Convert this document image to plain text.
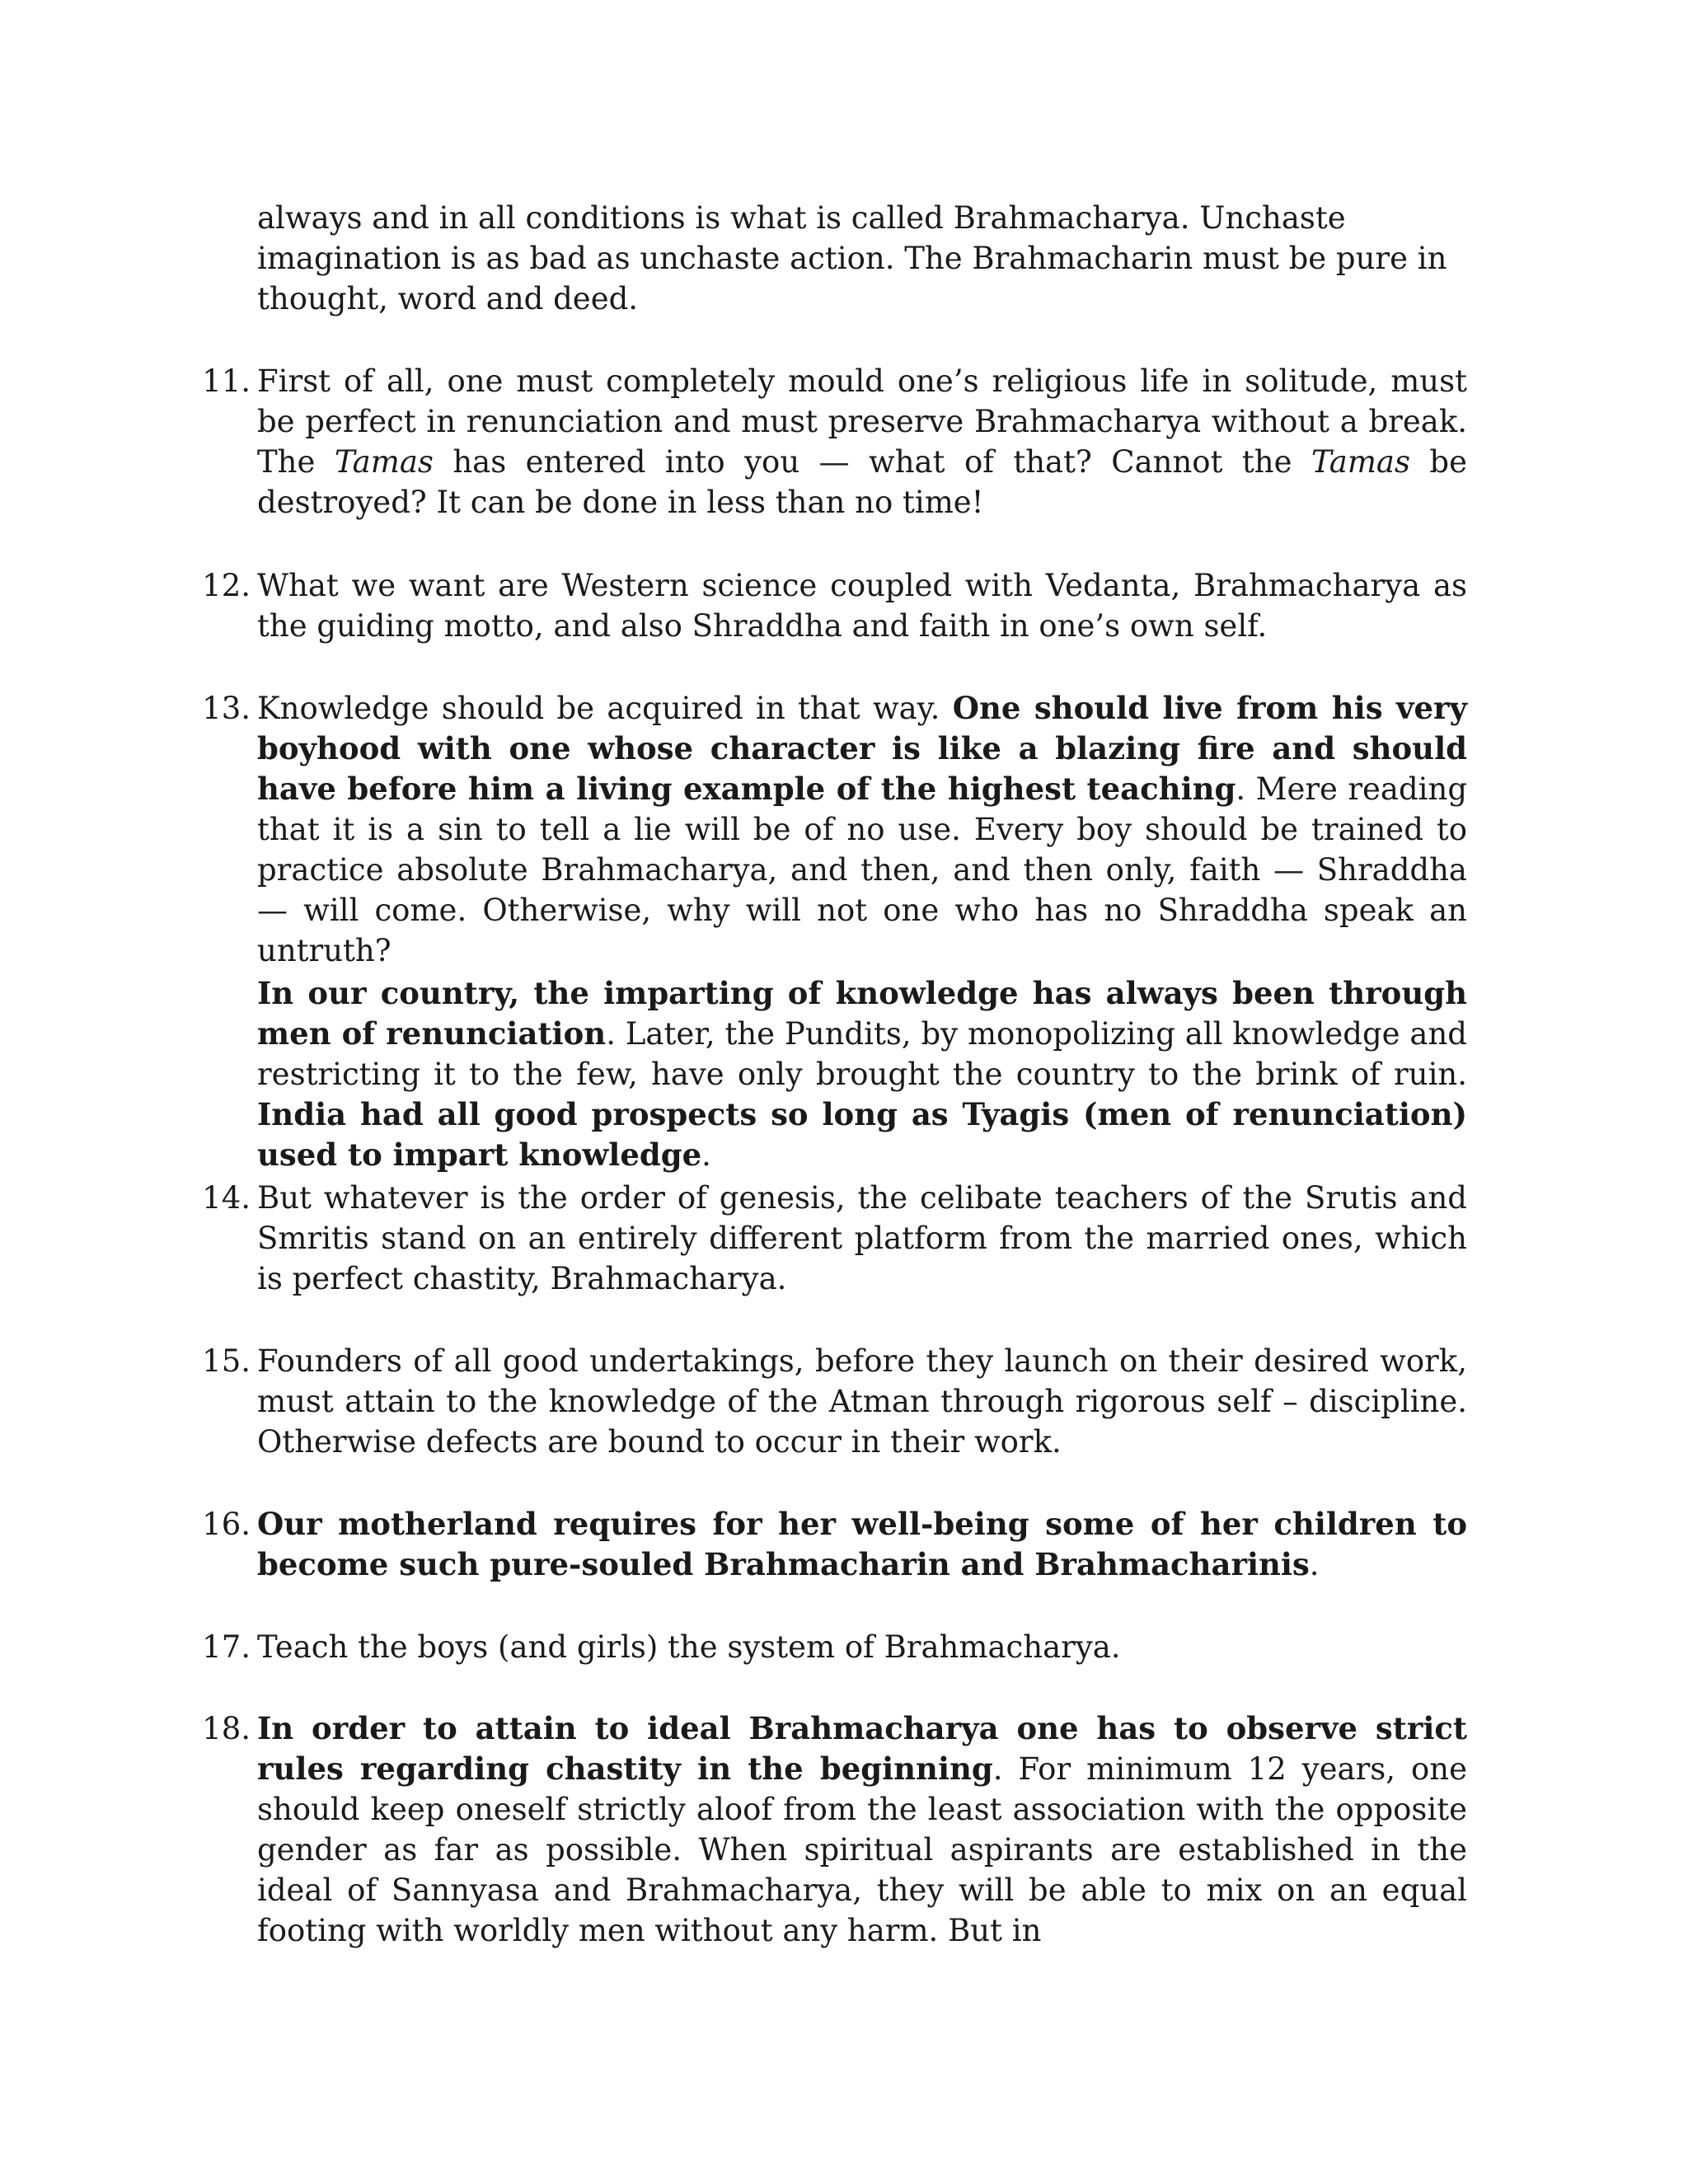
always and in all conditions is what is called Brahmacharya. Unchaste imagination is as bad as unchaste action. The Brahmacharin must be pure in thought, word and deed.

11. First of all, one must completely mould one’s religious life in solitude, must be perfect in renunciation and must preserve Brahmacharya without a break. The Tamas has entered into you — what of that? Cannot the Tamas be destroyed? It can be done in less than no time!
12. What we want are Western science coupled with Vedanta, Brahmacharya as the guiding motto, and also Shraddha and faith in one’s own self.
13. Knowledge should be acquired in that way. One should live from his very boyhood with one whose character is like a blazing fire and should have before him a living example of the highest teaching. Mere reading that it is a sin to tell a lie will be of no use. Every boy should be trained to practice absolute Brahmacharya, and then, and then only, faith — Shraddha — will come. Otherwise, why will not one who has no Shraddha speak an untruth?

In our country, the imparting of knowledge has always been through men of renunciation. Later, the Pundits, by monopolizing all knowledge and restricting it to the few, have only brought the country to the brink of ruin. India had all good prospects so long as Tyagis (men of renunciation) used to impart knowledge.

14. But whatever is the order of genesis, the celibate teachers of the Srutis and Smritis stand on an entirely different platform from the married ones, which is perfect chastity, Brahmacharya.
15. Founders of all good undertakings, before they launch on their desired work, must attain to the knowledge of the Atman through rigorous self – discipline. Otherwise defects are bound to occur in their work.
16. Our motherland requires for her well-being some of her children to become such pure-souled Brahmacharin and Brahmacharinis.
17. Teach the boys (and girls) the system of Brahmacharya.
18. In order to attain to ideal Brahmacharya one has to observe strict rules regarding chastity in the beginning. For minimum 12 years, one should keep oneself strictly aloof from the least association with the opposite gender as far as possible. When spiritual aspirants are established in the ideal of Sannyasa and Brahmacharya, they will be able to mix on an equal footing with worldly men without any harm. But in
